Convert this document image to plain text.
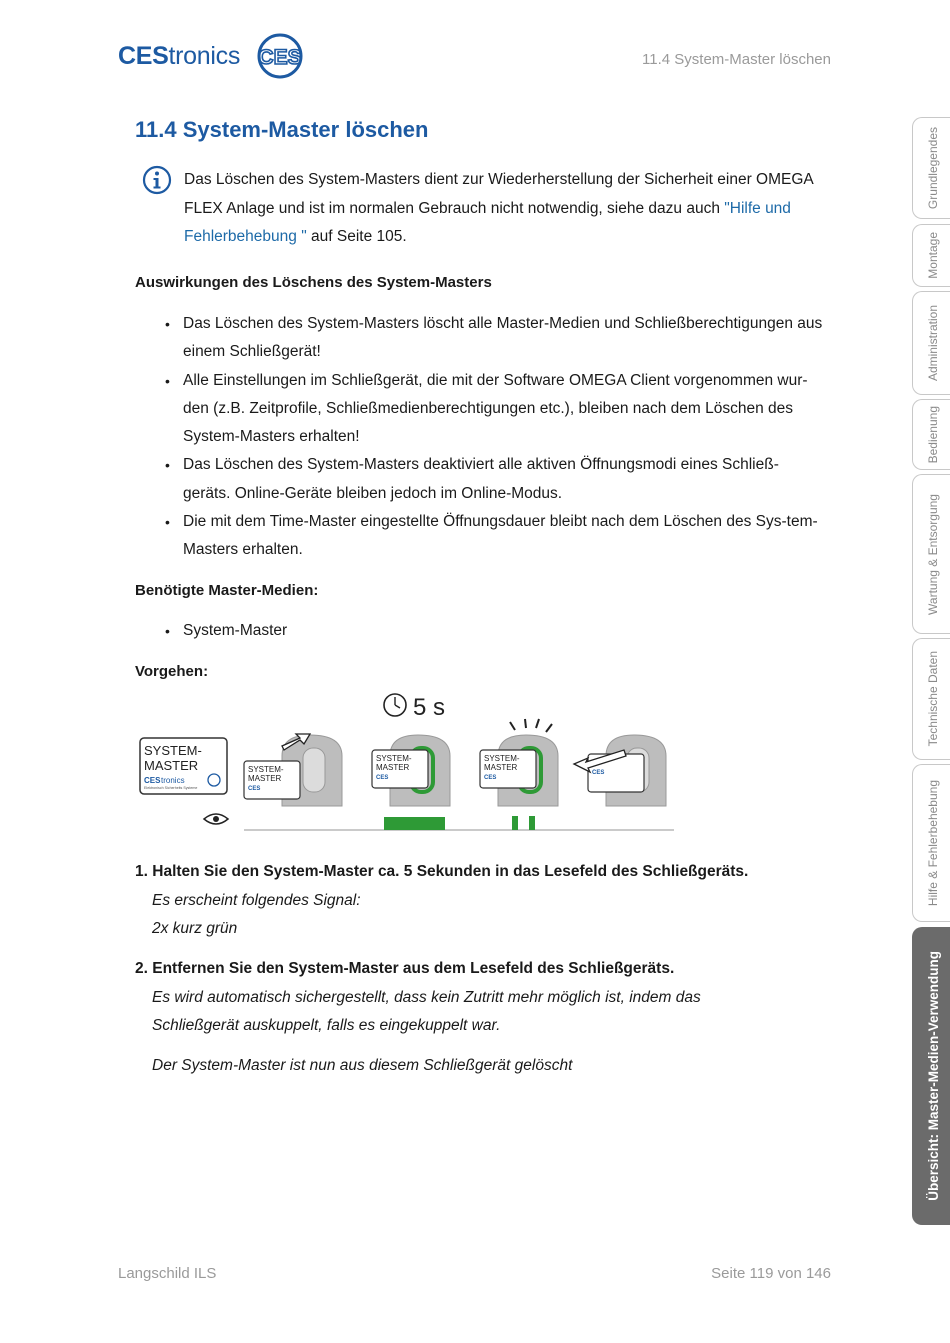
CEStronics CES	11.4 System-Master löschen
11.4 System-Master löschen
Das Löschen des System-Masters dient zur Wiederherstellung der Sicherheit einer OMEGA FLEX Anlage und ist im normalen Gebrauch nicht notwendig, siehe dazu auch "Hilfe und Fehlerbehebung " auf Seite 105.
Auswirkungen des Löschens des System-Masters
• Das Löschen des System-Masters löscht alle Master-Medien und Schließberechtigungen aus einem Schließgerät!
• Alle Einstellungen im Schließgerät, die mit der Software OMEGA Client vorgenommen wur-den (z.B. Zeitprofile, Schließmedienberechtigungen etc.), bleiben nach dem Löschen des System-Masters erhalten!
• Das Löschen des System-Masters deaktiviert alle aktiven Öffnungsmodi eines Schließ-geräts. Online-Geräte bleiben jedoch im Online-Modus.
• Die mit dem Time-Master eingestellte Öffnungsdauer bleibt nach dem Löschen des Sys-tem-Masters erhalten.
Benötigte Master-Medien:
• System-Master
Vorgehen:
5 s
SYSTEM-
MASTER
CES tronics
Elektronisch Sicherheits Systeme
SYSTEM-
MASTER
CES
SYSTEM-
MASTER
CES
SYSTEM-
MASTER
CES
CES
1. Halten Sie den System-Master ca. 5 Sekunden in das Lesefeld des Schließgeräts.
Es erscheint folgendes Signal:
2x kurz grün
2. Entfernen Sie den System-Master aus dem Lesefeld des Schließgeräts.
Es wird automatisch sichergestellt, dass kein Zutritt mehr möglich ist, indem das Schließgerät auskuppelt, falls es eingekuppelt war.
Der System-Master ist nun aus diesem Schließgerät gelöscht
Langschild ILS	Seite 119 von 146
Grundlegendes
Montage
Administration
Bedienung
Wartung & Entsorgung
Technische Daten
Hilfe & Fehlerbehebung
Übersicht: Master-Medien-Verwendung
